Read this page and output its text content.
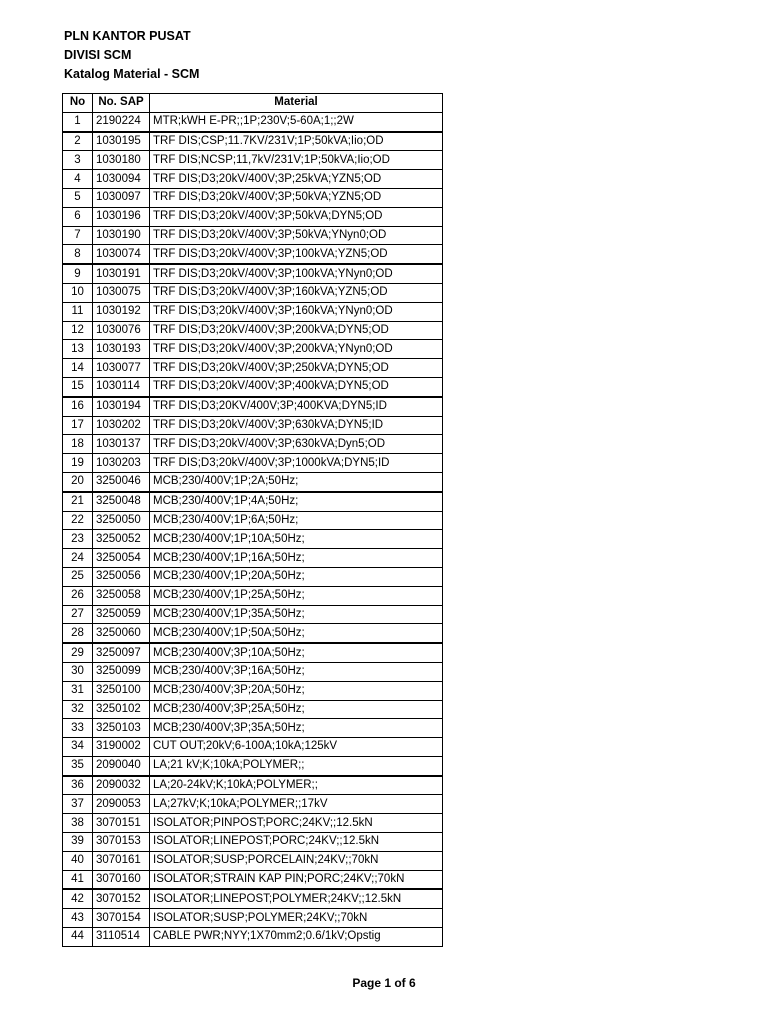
PLN KANTOR PUSAT
DIVISI SCM
Katalog Material - SCM
No	No. SAP	Material
1	2190224	MTR;kWH E-PR;;1P;230V;5-60A;1;;2W
2	1030195	TRF DIS;CSP;11.7KV/231V;1P;50kVA;Iio;OD
3	1030180	TRF DIS;NCSP;11,7kV/231V;1P;50kVA;Iio;OD
4	1030094	TRF DIS;D3;20kV/400V;3P;25kVA;YZN5;OD
5	1030097	TRF DIS;D3;20kV/400V;3P;50kVA;YZN5;OD
6	1030196	TRF DIS;D3;20kV/400V;3P;50kVA;DYN5;OD
7	1030190	TRF DIS;D3;20kV/400V;3P;50kVA;YNyn0;OD
8	1030074	TRF DIS;D3;20kV/400V;3P;100kVA;YZN5;OD
9	1030191	TRF DIS;D3;20kV/400V;3P;100kVA;YNyn0;OD
10	1030075	TRF DIS;D3;20kV/400V;3P;160kVA;YZN5;OD
11	1030192	TRF DIS;D3;20kV/400V;3P;160kVA;YNyn0;OD
12	1030076	TRF DIS;D3;20kV/400V;3P;200kVA;DYN5;OD
13	1030193	TRF DIS;D3;20kV/400V;3P;200kVA;YNyn0;OD
14	1030077	TRF DIS;D3;20kV/400V;3P;250kVA;DYN5;OD
15	1030114	TRF DIS;D3;20kV/400V;3P;400kVA;DYN5;OD
16	1030194	TRF DIS;D3;20KV/400V;3P;400KVA;DYN5;ID
17	1030202	TRF DIS;D3;20kV/400V;3P;630kVA;DYN5;ID
18	1030137	TRF DIS;D3;20kV/400V;3P;630kVA;Dyn5;OD
19	1030203	TRF DIS;D3;20kV/400V;3P;1000kVA;DYN5;ID
20	3250046	MCB;230/400V;1P;2A;50Hz;
21	3250048	MCB;230/400V;1P;4A;50Hz;
22	3250050	MCB;230/400V;1P;6A;50Hz;
23	3250052	MCB;230/400V;1P;10A;50Hz;
24	3250054	MCB;230/400V;1P;16A;50Hz;
25	3250056	MCB;230/400V;1P;20A;50Hz;
26	3250058	MCB;230/400V;1P;25A;50Hz;
27	3250059	MCB;230/400V;1P;35A;50Hz;
28	3250060	MCB;230/400V;1P;50A;50Hz;
29	3250097	MCB;230/400V;3P;10A;50Hz;
30	3250099	MCB;230/400V;3P;16A;50Hz;
31	3250100	MCB;230/400V;3P;20A;50Hz;
32	3250102	MCB;230/400V;3P;25A;50Hz;
33	3250103	MCB;230/400V;3P;35A;50Hz;
34	3190002	CUT OUT;20kV;6-100A;10kA;125kV
35	2090040	LA;21 kV;K;10kA;POLYMER;;
36	2090032	LA;20-24kV;K;10kA;POLYMER;;
37	2090053	LA;27kV;K;10kA;POLYMER;;17kV
38	3070151	ISOLATOR;PINPOST;PORC;24KV;;12.5kN
39	3070153	ISOLATOR;LINEPOST;PORC;24KV;;12.5kN
40	3070161	ISOLATOR;SUSP;PORCELAIN;24KV;;70kN
41	3070160	ISOLATOR;STRAIN KAP PIN;PORC;24KV;;70kN
42	3070152	ISOLATOR;LINEPOST;POLYMER;24KV;;12.5kN
43	3070154	ISOLATOR;SUSP;POLYMER;24KV;;70kN
44	3110514	CABLE PWR;NYY;1X70mm2;0.6/1kV;Opstig
Page 1 of 6
